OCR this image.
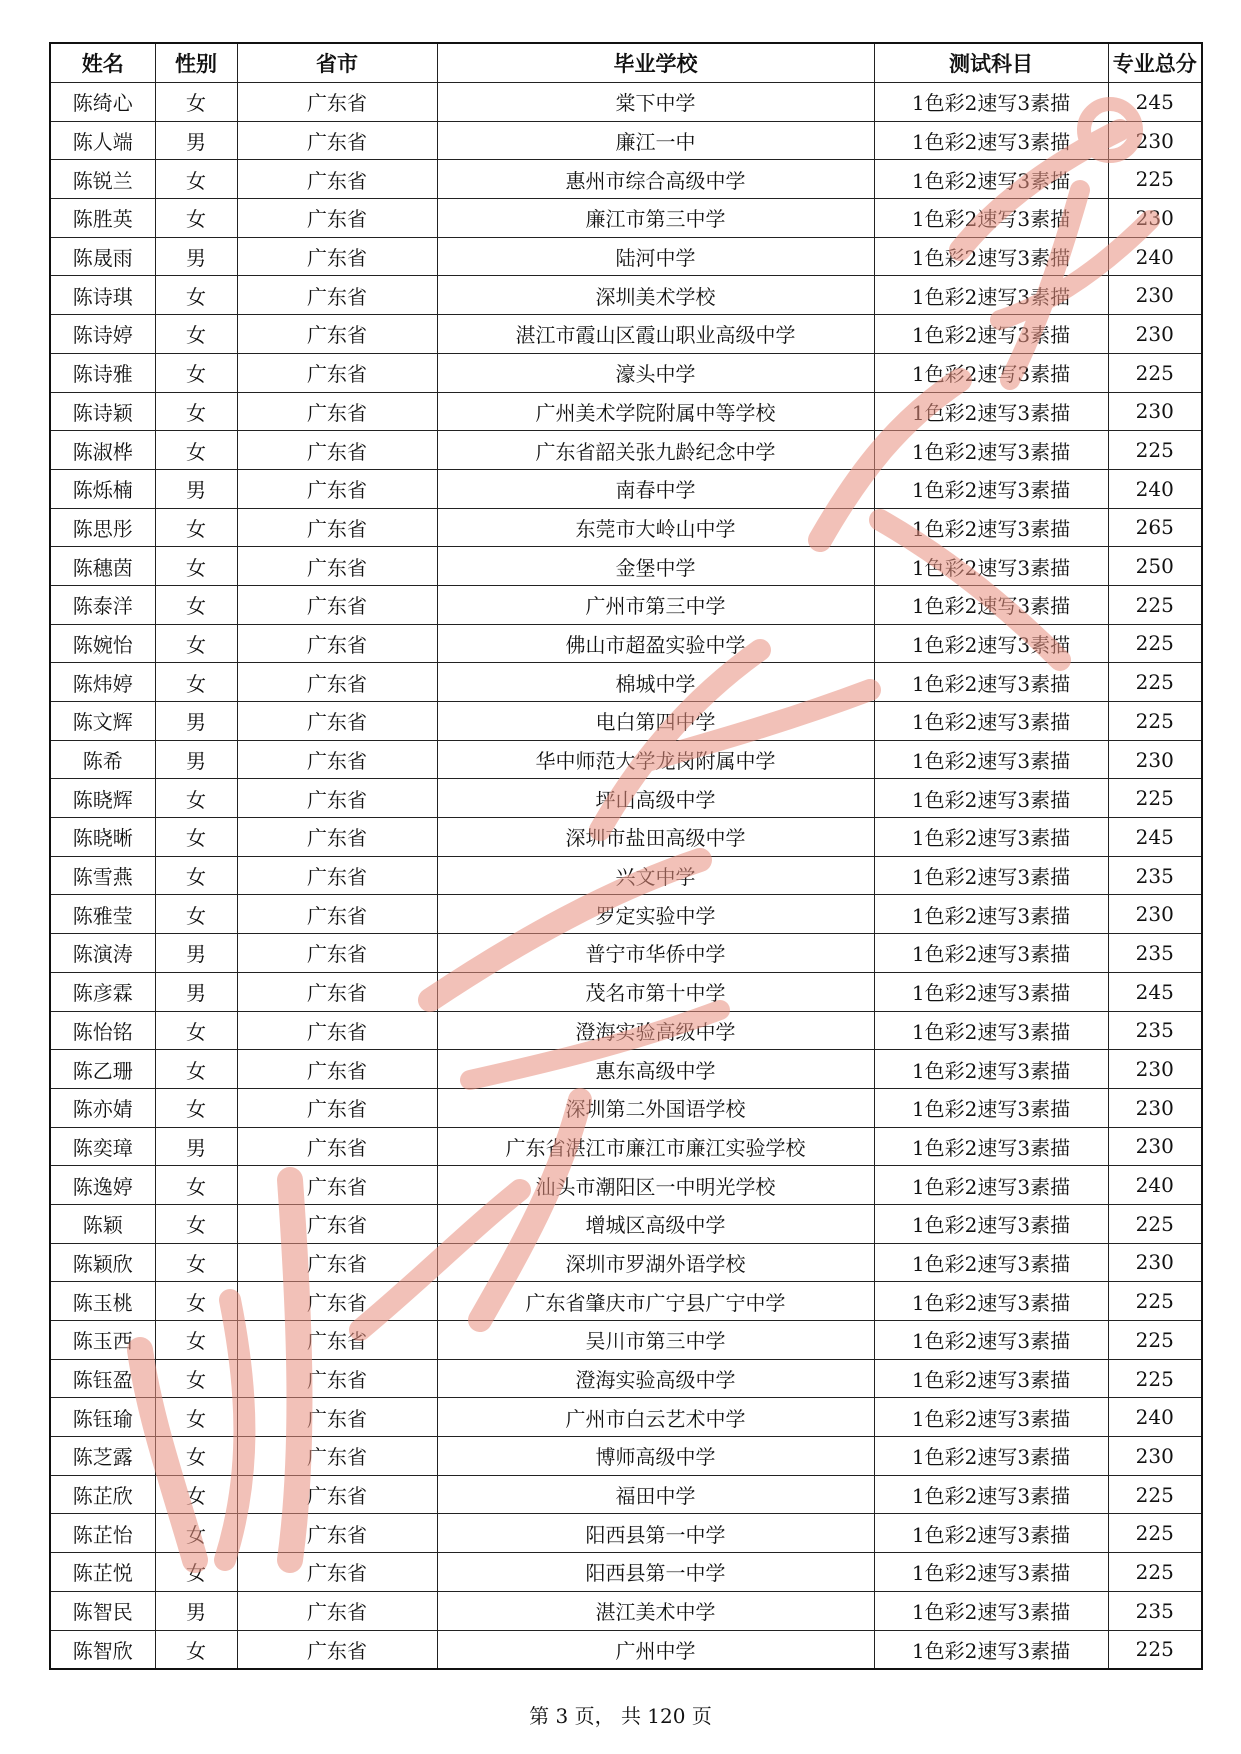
姓名	性别	省市	毕业学校	测试科目	专业总分
陈绮心	女	广东省	棠下中学	1色彩2速写3素描	245
陈人端	男	广东省	廉江一中	1色彩2速写3素描	230
陈锐兰	女	广东省	惠州市综合高级中学	1色彩2速写3素描	225
陈胜英	女	广东省	廉江市第三中学	1色彩2速写3素描	230
陈晟雨	男	广东省	陆河中学	1色彩2速写3素描	240
陈诗琪	女	广东省	深圳美术学校	1色彩2速写3素描	230
陈诗婷	女	广东省	湛江市霞山区霞山职业高级中学	1色彩2速写3素描	230
陈诗雅	女	广东省	濠头中学	1色彩2速写3素描	225
陈诗颖	女	广东省	广州美术学院附属中等学校	1色彩2速写3素描	230
陈淑桦	女	广东省	广东省韶关张九龄纪念中学	1色彩2速写3素描	225
陈烁楠	男	广东省	南春中学	1色彩2速写3素描	240
陈思彤	女	广东省	东莞市大岭山中学	1色彩2速写3素描	265
陈穗茵	女	广东省	金堡中学	1色彩2速写3素描	250
陈泰洋	女	广东省	广州市第三中学	1色彩2速写3素描	225
陈婉怡	女	广东省	佛山市超盈实验中学	1色彩2速写3素描	225
陈炜婷	女	广东省	棉城中学	1色彩2速写3素描	225
陈文辉	男	广东省	电白第四中学	1色彩2速写3素描	225
陈希	男	广东省	华中师范大学龙岗附属中学	1色彩2速写3素描	230
陈晓辉	女	广东省	坪山高级中学	1色彩2速写3素描	225
陈晓晰	女	广东省	深圳市盐田高级中学	1色彩2速写3素描	245
陈雪燕	女	广东省	兴文中学	1色彩2速写3素描	235
陈雅莹	女	广东省	罗定实验中学	1色彩2速写3素描	230
陈演涛	男	广东省	普宁市华侨中学	1色彩2速写3素描	235
陈彦霖	男	广东省	茂名市第十中学	1色彩2速写3素描	245
陈怡铭	女	广东省	澄海实验高级中学	1色彩2速写3素描	235
陈乙珊	女	广东省	惠东高级中学	1色彩2速写3素描	230
陈亦婧	女	广东省	深圳第二外国语学校	1色彩2速写3素描	230
陈奕璋	男	广东省	广东省湛江市廉江市廉江实验学校	1色彩2速写3素描	230
陈逸婷	女	广东省	汕头市潮阳区一中明光学校	1色彩2速写3素描	240
陈颖	女	广东省	增城区高级中学	1色彩2速写3素描	225
陈颖欣	女	广东省	深圳市罗湖外语学校	1色彩2速写3素描	230
陈玉桃	女	广东省	广东省肇庆市广宁县广宁中学	1色彩2速写3素描	225
陈玉西	女	广东省	吴川市第三中学	1色彩2速写3素描	225
陈钰盈	女	广东省	澄海实验高级中学	1色彩2速写3素描	225
陈钰瑜	女	广东省	广州市白云艺术中学	1色彩2速写3素描	240
陈芝露	女	广东省	博师高级中学	1色彩2速写3素描	230
陈芷欣	女	广东省	福田中学	1色彩2速写3素描	225
陈芷怡	女	广东省	阳西县第一中学	1色彩2速写3素描	225
陈芷悦	女	广东省	阳西县第一中学	1色彩2速写3素描	225
陈智民	男	广东省	湛江美术中学	1色彩2速写3素描	235
陈智欣	女	广东省	广州中学	1色彩2速写3素描	225
第 3 页， 共 120 页
